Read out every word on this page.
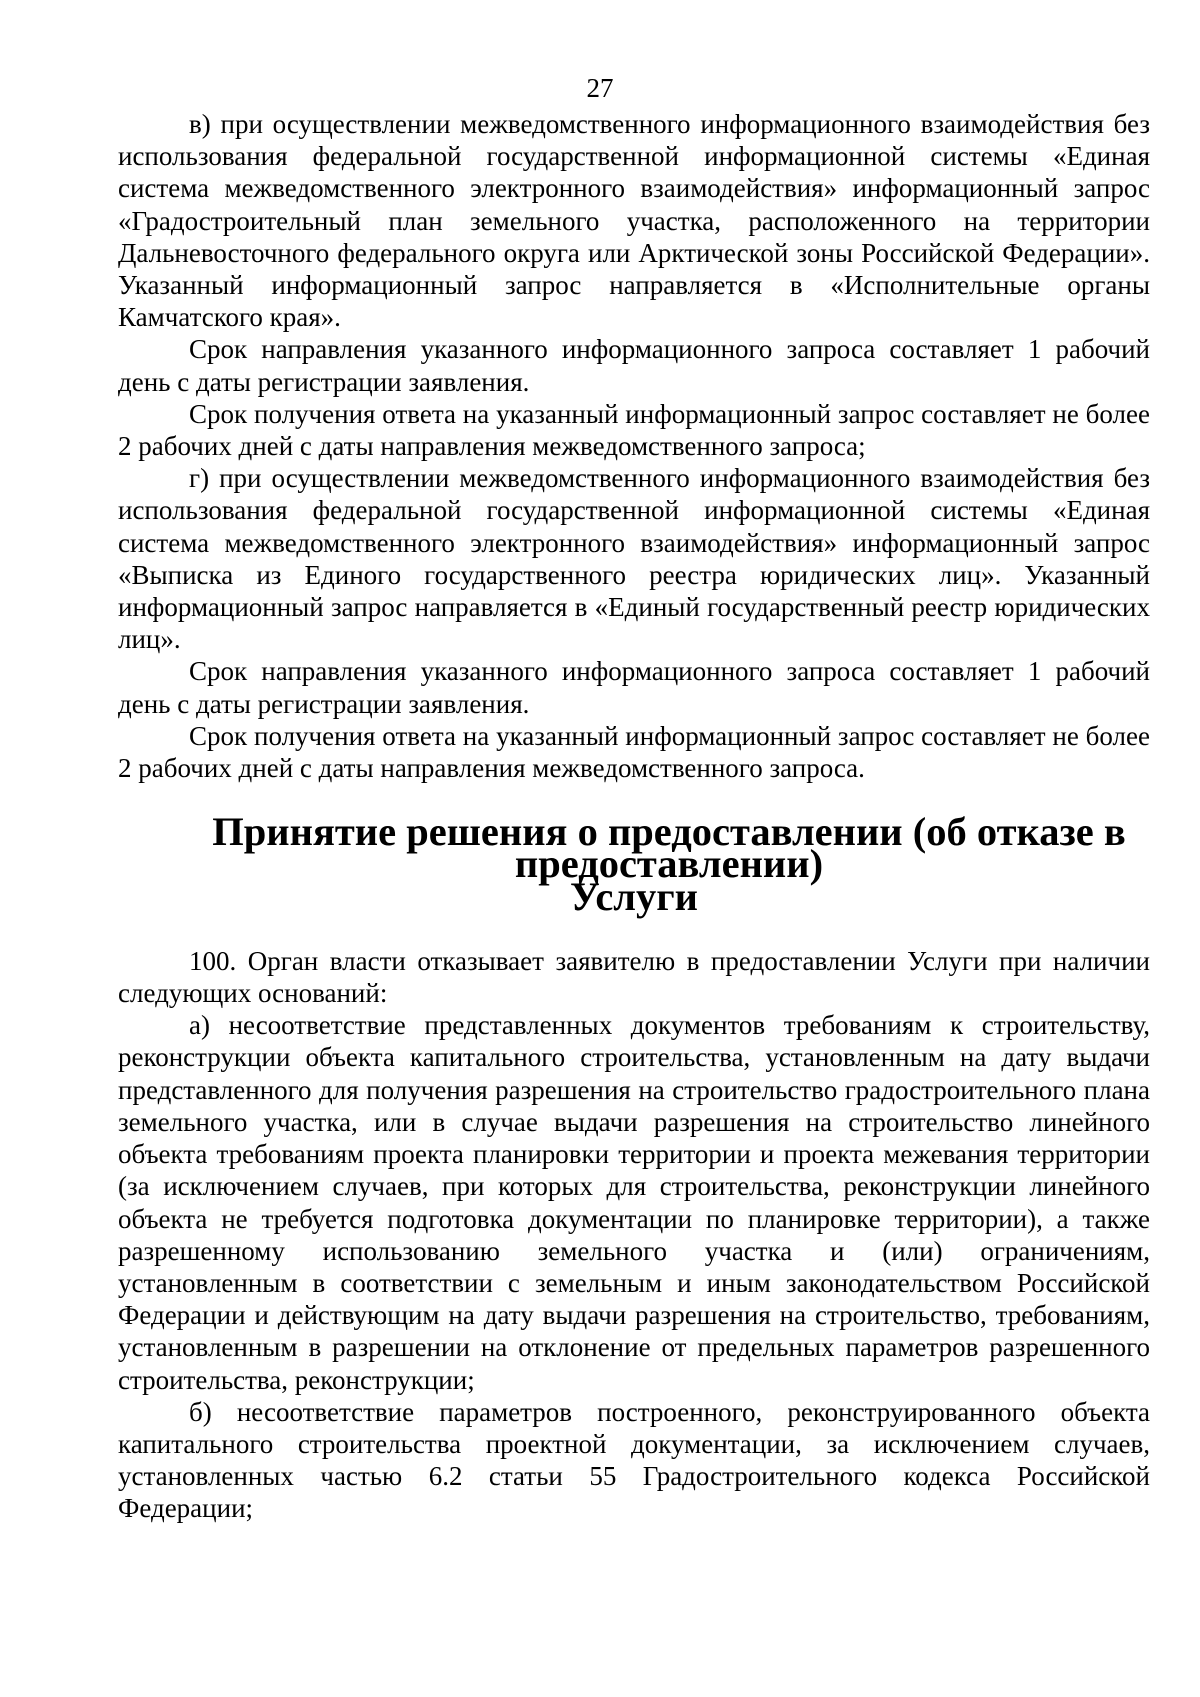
27

в) при осуществлении межведомственного информационного взаимодействия без использования федеральной государственной информационной системы «Единая система межведомственного электронного взаимодействия» информационный запрос «Градостроительный план земельного участка, расположенного на территории Дальневосточного федерального округа или Арктической зоны Российской Федерации». Указанный информационный запрос направляется в «Исполнительные органы Камчатского края».

Срок направления указанного информационного запроса составляет 1 рабочий день с даты регистрации заявления.

Срок получения ответа на указанный информационный запрос составляет не более 2 рабочих дней с даты направления межведомственного запроса;

г) при осуществлении межведомственного информационного взаимодействия без использования федеральной государственной информационной системы «Единая система межведомственного электронного взаимодействия» информационный запрос «Выписка из Единого государственного реестра юридических лиц». Указанный информационный запрос направляется в «Единый государственный реестр юридических лиц».

Срок направления указанного информационного запроса составляет 1 рабочий день с даты регистрации заявления.

Срок получения ответа на указанный информационный запрос составляет не более 2 рабочих дней с даты направления межведомственного запроса.

Принятие решения о предоставлении (об отказе в предоставлении)
Услуги

100. Орган власти отказывает заявителю в предоставлении Услуги при наличии следующих оснований:

а) несоответствие представленных документов требованиям к строительству, реконструкции объекта капитального строительства, установленным на дату выдачи представленного для получения разрешения на строительство градостроительного плана земельного участка, или в случае выдачи разрешения на строительство линейного объекта требованиям проекта планировки территории и проекта межевания территории (за исключением случаев, при которых для строительства, реконструкции линейного объекта не требуется подготовка документации по планировке территории), а также разрешенному использованию земельного участка и (или) ограничениям, установленным в соответствии с земельным и иным законодательством Российской Федерации и действующим на дату выдачи разрешения на строительство, требованиям, установленным в разрешении на отклонение от предельных параметров разрешенного строительства, реконструкции;

б) несоответствие параметров построенного, реконструированного объекта капитального строительства проектной документации, за исключением случаев, установленных частью 6.2 статьи 55 Градостроительного кодекса Российской Федерации;
